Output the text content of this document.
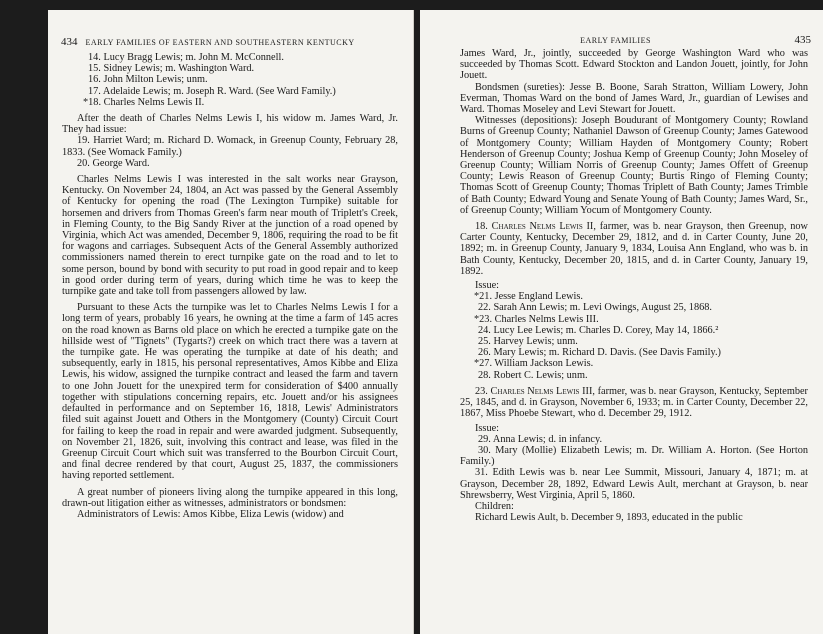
434 EARLY FAMILIES OF EASTERN AND SOUTHEASTERN KENTUCKY

14. Lucy Bragg Lewis; m. John M. McConnell.

15. Sidney Lewis; m. Washington Ward.

16. John Milton Lewis; unm.

17. Adelaide Lewis; m. Joseph R. Ward. (See Ward Family.)

*18. Charles Nelms Lewis II.

After the death of Charles Nelms Lewis I, his widow m. James Ward, Jr. They had issue:

19. Harriet Ward; m. Richard D. Womack, in Greenup County, February 28, 1833. (See Womack Family.)

20. George Ward.

Charles Nelms Lewis I was interested in the salt works near Grayson, Kentucky. On November 24, 1804, an Act was passed by the General Assembly of Kentucky for opening the road (The Lexington Turnpike) suitable for horsemen and drivers from Thomas Green's farm near mouth of Triplett's Creek, in Fleming County, to the Big Sandy River at the junction of a road opened by Virginia, which Act was amended, December 9, 1806, requiring the road to be fit for wagons and carriages. Subsequent Acts of the General Assembly authorized commissioners named therein to erect turnpike gate on the road and to let to some person, bound by bond with security to put road in good repair and to keep in good order during term of years, during which time he was to keep the turnpike gate and take toll from passengers allowed by law.

Pursuant to these Acts the turnpike was let to Charles Nelms Lewis I for a long term of years, probably 16 years, he owning at the time a farm of 145 acres on the road known as Barns old place on which he erected a turnpike gate on the hillside west of "Tignets" (Tygarts?) creek on which tract there was a tavern at the turnpike gate. He was operating the turnpike at date of his death; and subsequently, early in 1815, his personal representatives, Amos Kibbe and Eliza Lewis, his widow, assigned the turnpike contract and leased the farm and tavern to one John Jouett for the unexpired term for consideration of $400 annually together with stipulations concerning repairs, etc. Jouett and/or his assignees defaulted in performance and on September 16, 1818, Lewis' Administrators filed suit against Jouett and Others in the Montgomery (County) Circuit Court for failing to keep the road in repair and were awarded judgment. Subsequently, on November 21, 1826, suit, involving this contract and lease, was filed in the Greenup Circuit Court which suit was transferred to the Bourbon Circuit Court, and final decree rendered by that court, August 25, 1837, the commissioners having reported settlement.

A great number of pioneers living along the turnpike appeared in this long, drawn-out litigation either as witnesses, administrators or bondsmen:

Administrators of Lewis: Amos Kibbe, Eliza Lewis (widow) and

EARLY FAMILIES	435

James Ward, Jr., jointly, succeeded by George Washington Ward who was succeeded by Thomas Scott. Edward Stockton and Landon Jouett, jointly, for John Jouett.

Bondsmen (sureties): Jesse B. Boone, Sarah Stratton, William Lowery, John Everman, Thomas Ward on the bond of James Ward, Jr., guardian of Lewises and Ward. Thomas Moseley and Levi Stewart for Jouett.

Witnesses (depositions): Joseph Boudurant of Montgomery County; Rowland Burns of Greenup County; Nathaniel Dawson of Greenup County; James Gatewood of Montgomery County; William Hayden of Montgomery County; Robert Henderson of Greenup County; Joshua Kemp of Greenup County; John Moseley of Greenup County; William Norris of Greenup County; James Offett of Greenup County; Lewis Reason of Greenup County; Burtis Ringo of Fleming County; Thomas Scott of Greenup County; Thomas Triplett of Bath County; James Trimble of Bath County; Edward Young and Senate Young of Bath County; James Ward, Sr., of Greenup County; William Yocum of Montgomery County.

18. Charles Nelms Lewis II, farmer, was b. near Grayson, then Greenup, now Carter County, Kentucky, December 29, 1812, and d. in Carter County, June 20, 1892; m. in Greenup County, January 9, 1834, Louisa Ann England, who was b. in Bath County, Kentucky, December 20, 1815, and d. in Carter County, January 19, 1892.

Issue:

*21. Jesse England Lewis.

22. Sarah Ann Lewis; m. Levi Owings, August 25, 1868.

*23. Charles Nelms Lewis III.

24. Lucy Lee Lewis; m. Charles D. Corey, May 14, 1866.²

25. Harvey Lewis; unm.

26. Mary Lewis; m. Richard D. Davis. (See Davis Family.)

*27. William Jackson Lewis.

28. Robert C. Lewis; unm.

23. Charles Nelms Lewis III, farmer, was b. near Grayson, Kentucky, September 25, 1845, and d. in Grayson, November 6, 1933; m. in Carter County, December 22, 1867, Miss Phoebe Stewart, who d. December 29, 1912.

Issue:

29. Anna Lewis; d. in infancy.

30. Mary (Mollie) Elizabeth Lewis; m. Dr. William A. Horton. (See Horton Family.)

31. Edith Lewis was b. near Lee Summit, Missouri, January 4, 1871; m. at Grayson, December 28, 1892, Edward Lewis Ault, merchant at Grayson, b. near Shrewsberry, West Virginia, April 5, 1860.

Children:

Richard Lewis Ault, b. December 9, 1893, educated in the public
